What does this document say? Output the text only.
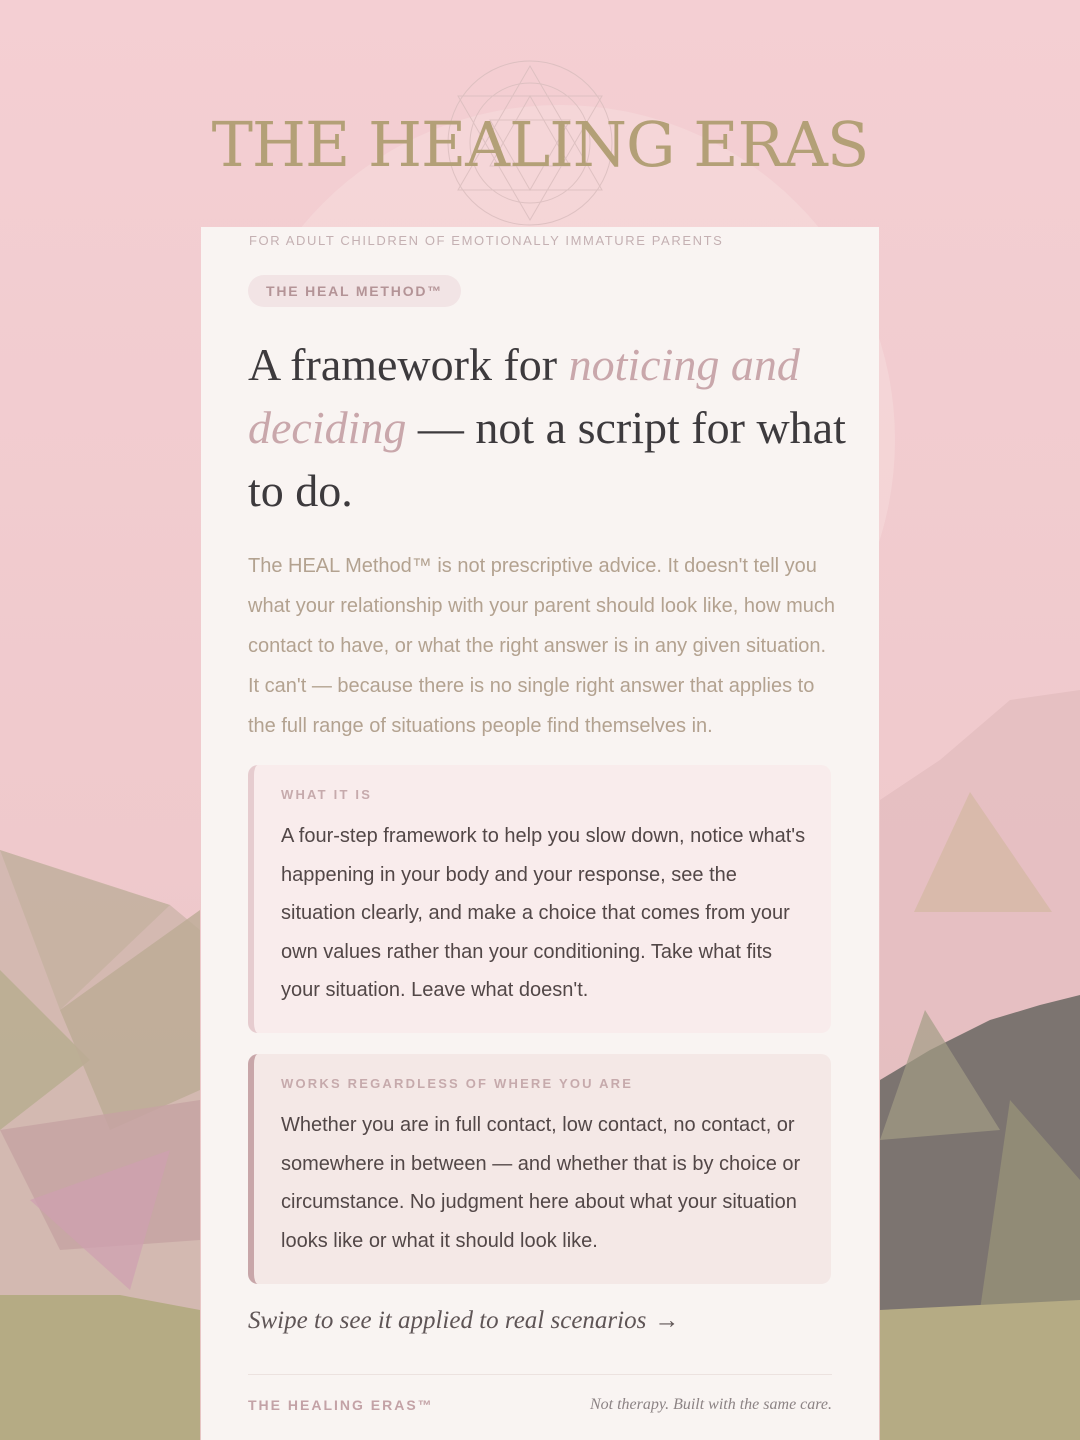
THE HEALING ERAS
FOR ADULT CHILDREN OF EMOTIONALLY IMMATURE PARENTS
THE HEAL METHOD™
A framework for noticing and deciding — not a script for what to do.
The HEAL Method™ is not prescriptive advice. It doesn't tell you what your relationship with your parent should look like, how much contact to have, or what the right answer is in any given situation. It can't — because there is no single right answer that applies to the full range of situations people find themselves in.
WHAT IT IS
A four-step framework to help you slow down, notice what's happening in your body and your response, see the situation clearly, and make a choice that comes from your own values rather than your conditioning. Take what fits your situation. Leave what doesn't.
WORKS REGARDLESS OF WHERE YOU ARE
Whether you are in full contact, low contact, no contact, or somewhere in between — and whether that is by choice or circumstance. No judgment here about what your situation looks like or what it should look like.
Swipe to see it applied to real scenarios →
THE HEALING ERAS™	Not therapy. Built with the same care.
